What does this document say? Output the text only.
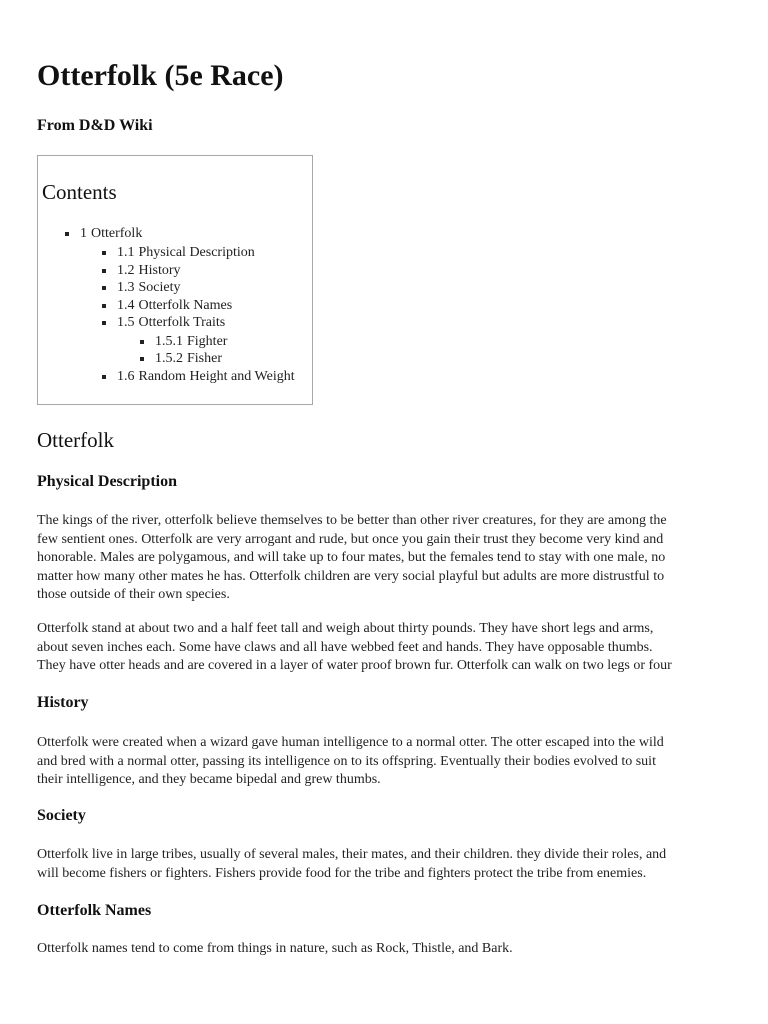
Otterfolk (5e Race)
From D&D Wiki
Contents
1 Otterfolk
1.1 Physical Description
1.2 History
1.3 Society
1.4 Otterfolk Names
1.5 Otterfolk Traits
1.5.1 Fighter
1.5.2 Fisher
1.6 Random Height and Weight
Otterfolk
Physical Description
The kings of the river, otterfolk believe themselves to be better than other river creatures, for they are among the
few sentient ones. Otterfolk are very arrogant and rude, but once you gain their trust they become very kind and
honorable. Males are polygamous, and will take up to four mates, but the females tend to stay with one male, no
matter how many other mates he has. Otterfolk children are very social playful but adults are more distrustful to
those outside of their own species.
Otterfolk stand at about two and a half feet tall and weigh about thirty pounds. They have short legs and arms,
about seven inches each. Some have claws and all have webbed feet and hands. They have opposable thumbs.
They have otter heads and are covered in a layer of water proof brown fur. Otterfolk can walk on two legs or four
History
Otterfolk were created when a wizard gave human intelligence to a normal otter. The otter escaped into the wild
and bred with a normal otter, passing its intelligence on to its offspring. Eventually their bodies evolved to suit
their intelligence, and they became bipedal and grew thumbs.
Society
Otterfolk live in large tribes, usually of several males, their mates, and their children. they divide their roles, and
will become fishers or fighters. Fishers provide food for the tribe and fighters protect the tribe from enemies.
Otterfolk Names
Otterfolk names tend to come from things in nature, such as Rock, Thistle, and Bark.
